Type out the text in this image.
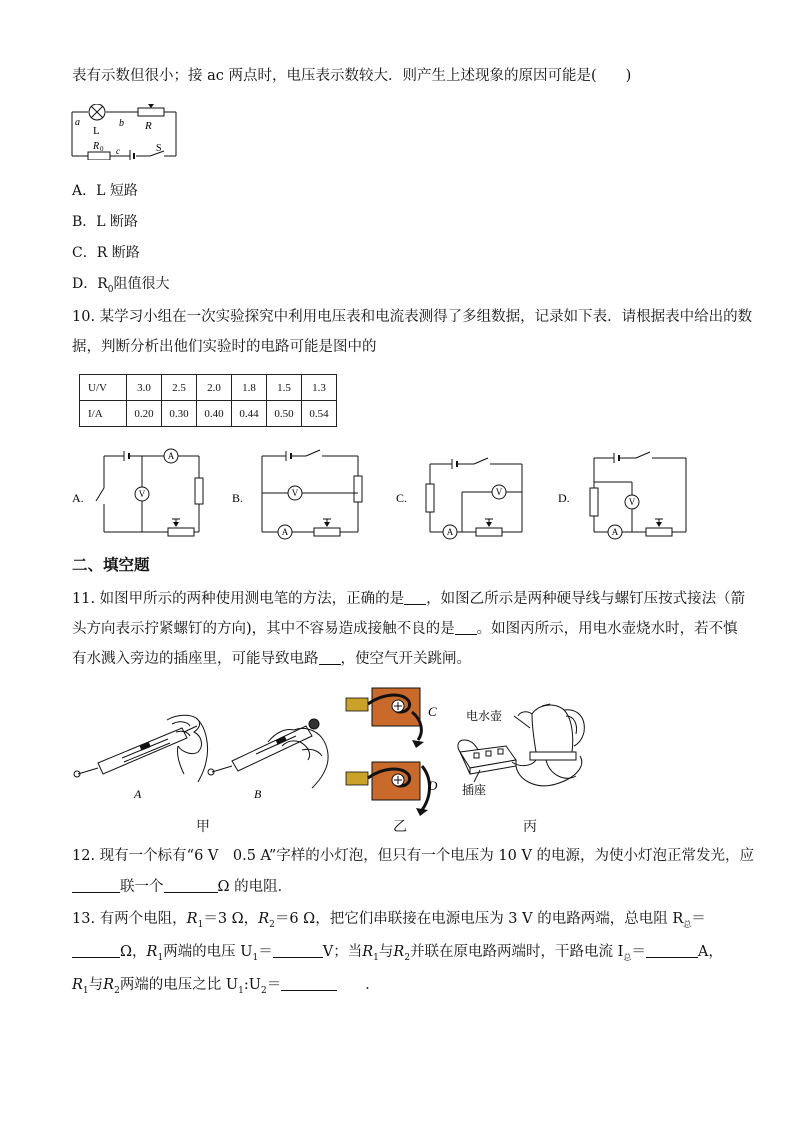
表有示数但很小；接 ac 两点时，电压表示数较大．则产生上述现象的原因可能是(　　)
a
L
b R
R 0 c	S
A．L 短路
B．L 断路
C．R 断路
D．$R_0$阻值很大
10. 某学习小组在一次实验探究中利用电压表和电流表测得了多组数据，记录如下表．请根据表中给出的数
据，判断分析出他们实验时的电路可能是图中的
U/V	3.0	2.5	2.0	1.8	1.5	1.3
I/A	0.20	0.30	0.40	0.44	0.50	0.54
A
V	V
A	A
V
V
A
A.	B.	C.	D.
二、填空题
11. 如图甲所示的两种使用测电笔的方法，正确的是 ，如图乙所示是两种硬导线与螺钉压按式接法（箭
头方向表示拧紧螺钉的方向)，其中不容易造成接触不良的是 。如图丙所示，用电水壶烧水时，若不慎
有水溅入旁边的插座里，可能导致电路 ，使空气开关跳闸。
A	B
C
D
电水壶
插座
甲	乙	丙
12. 现有一个标有“6 V　0.5 A”字样的小灯泡，但只有一个电压为 10 V 的电源，为使小灯泡正常发光，应
联一个	Ω 的电阻．
13. 有两个电阻，$R_1=3$ Ω，$R_2=6$ Ω，把它们串联接在电源电压为 3 V 的电路两端，总电阻 $R_总=$
Ω，$R_1$两端的电压 $U_1=$	V；当$R_1$与$R_2$并联在原电路两端时，干路电流 $I_总=$	A，
$R_1$与$R_2$两端的电压之比 $U_1:U_2=$	．
